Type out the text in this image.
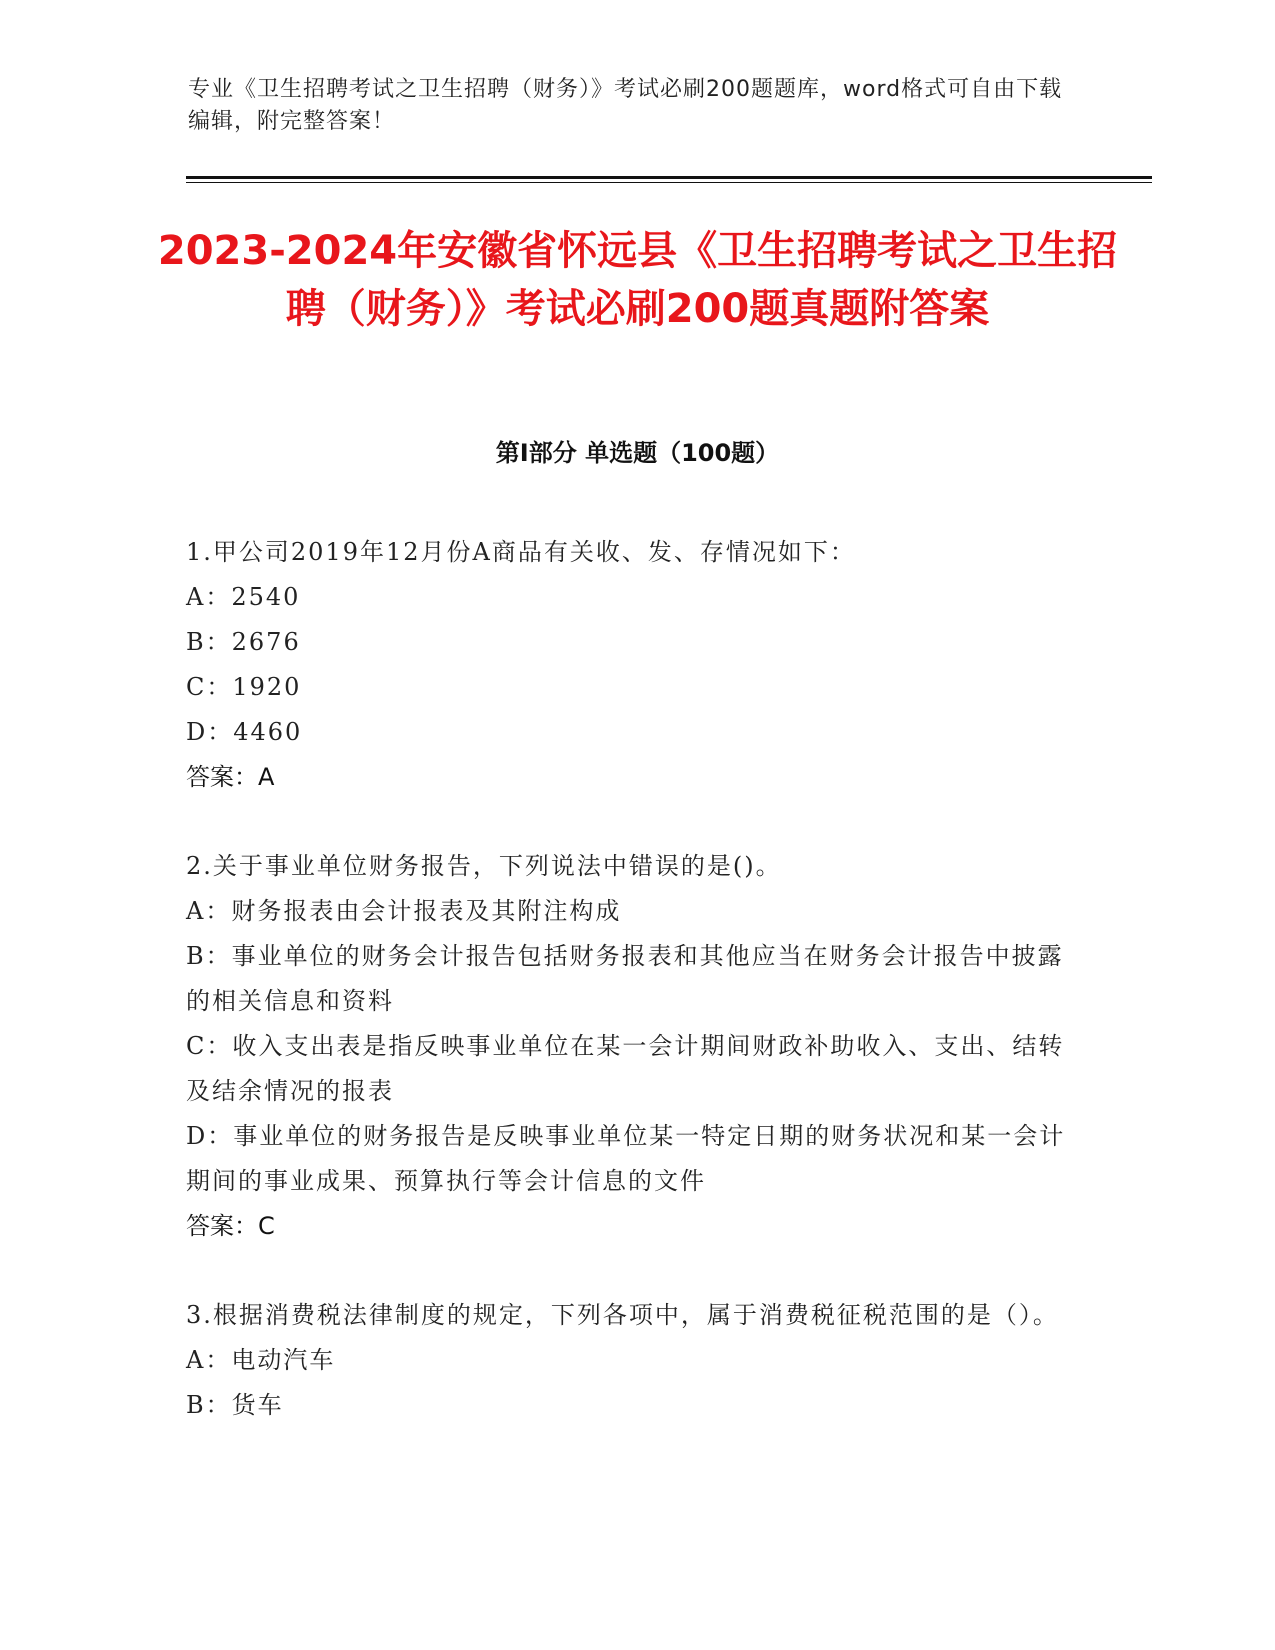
专业《卫生招聘考试之卫生招聘（财务）》考试必刷200题题库，word格式可自由下载编辑，附完整答案！
2023-2024年安徽省怀远县《卫生招聘考试之卫生招聘（财务）》考试必刷200题真题附答案
第Ⅰ部分 单选题（100题）
1.甲公司2019年12月份A商品有关收、发、存情况如下：
A：2540
B：2676
C：1920
D：4460
答案：A
2.关于事业单位财务报告，下列说法中错误的是()。
A：财务报表由会计报表及其附注构成
B：事业单位的财务会计报告包括财务报表和其他应当在财务会计报告中披露的相关信息和资料
C：收入支出表是指反映事业单位在某一会计期间财政补助收入、支出、结转及结余情况的报表
D：事业单位的财务报告是反映事业单位某一特定日期的财务状况和某一会计期间的事业成果、预算执行等会计信息的文件
答案：C
3.根据消费税法律制度的规定，下列各项中，属于消费税征税范围的是（）。
A：电动汽车
B：货车
